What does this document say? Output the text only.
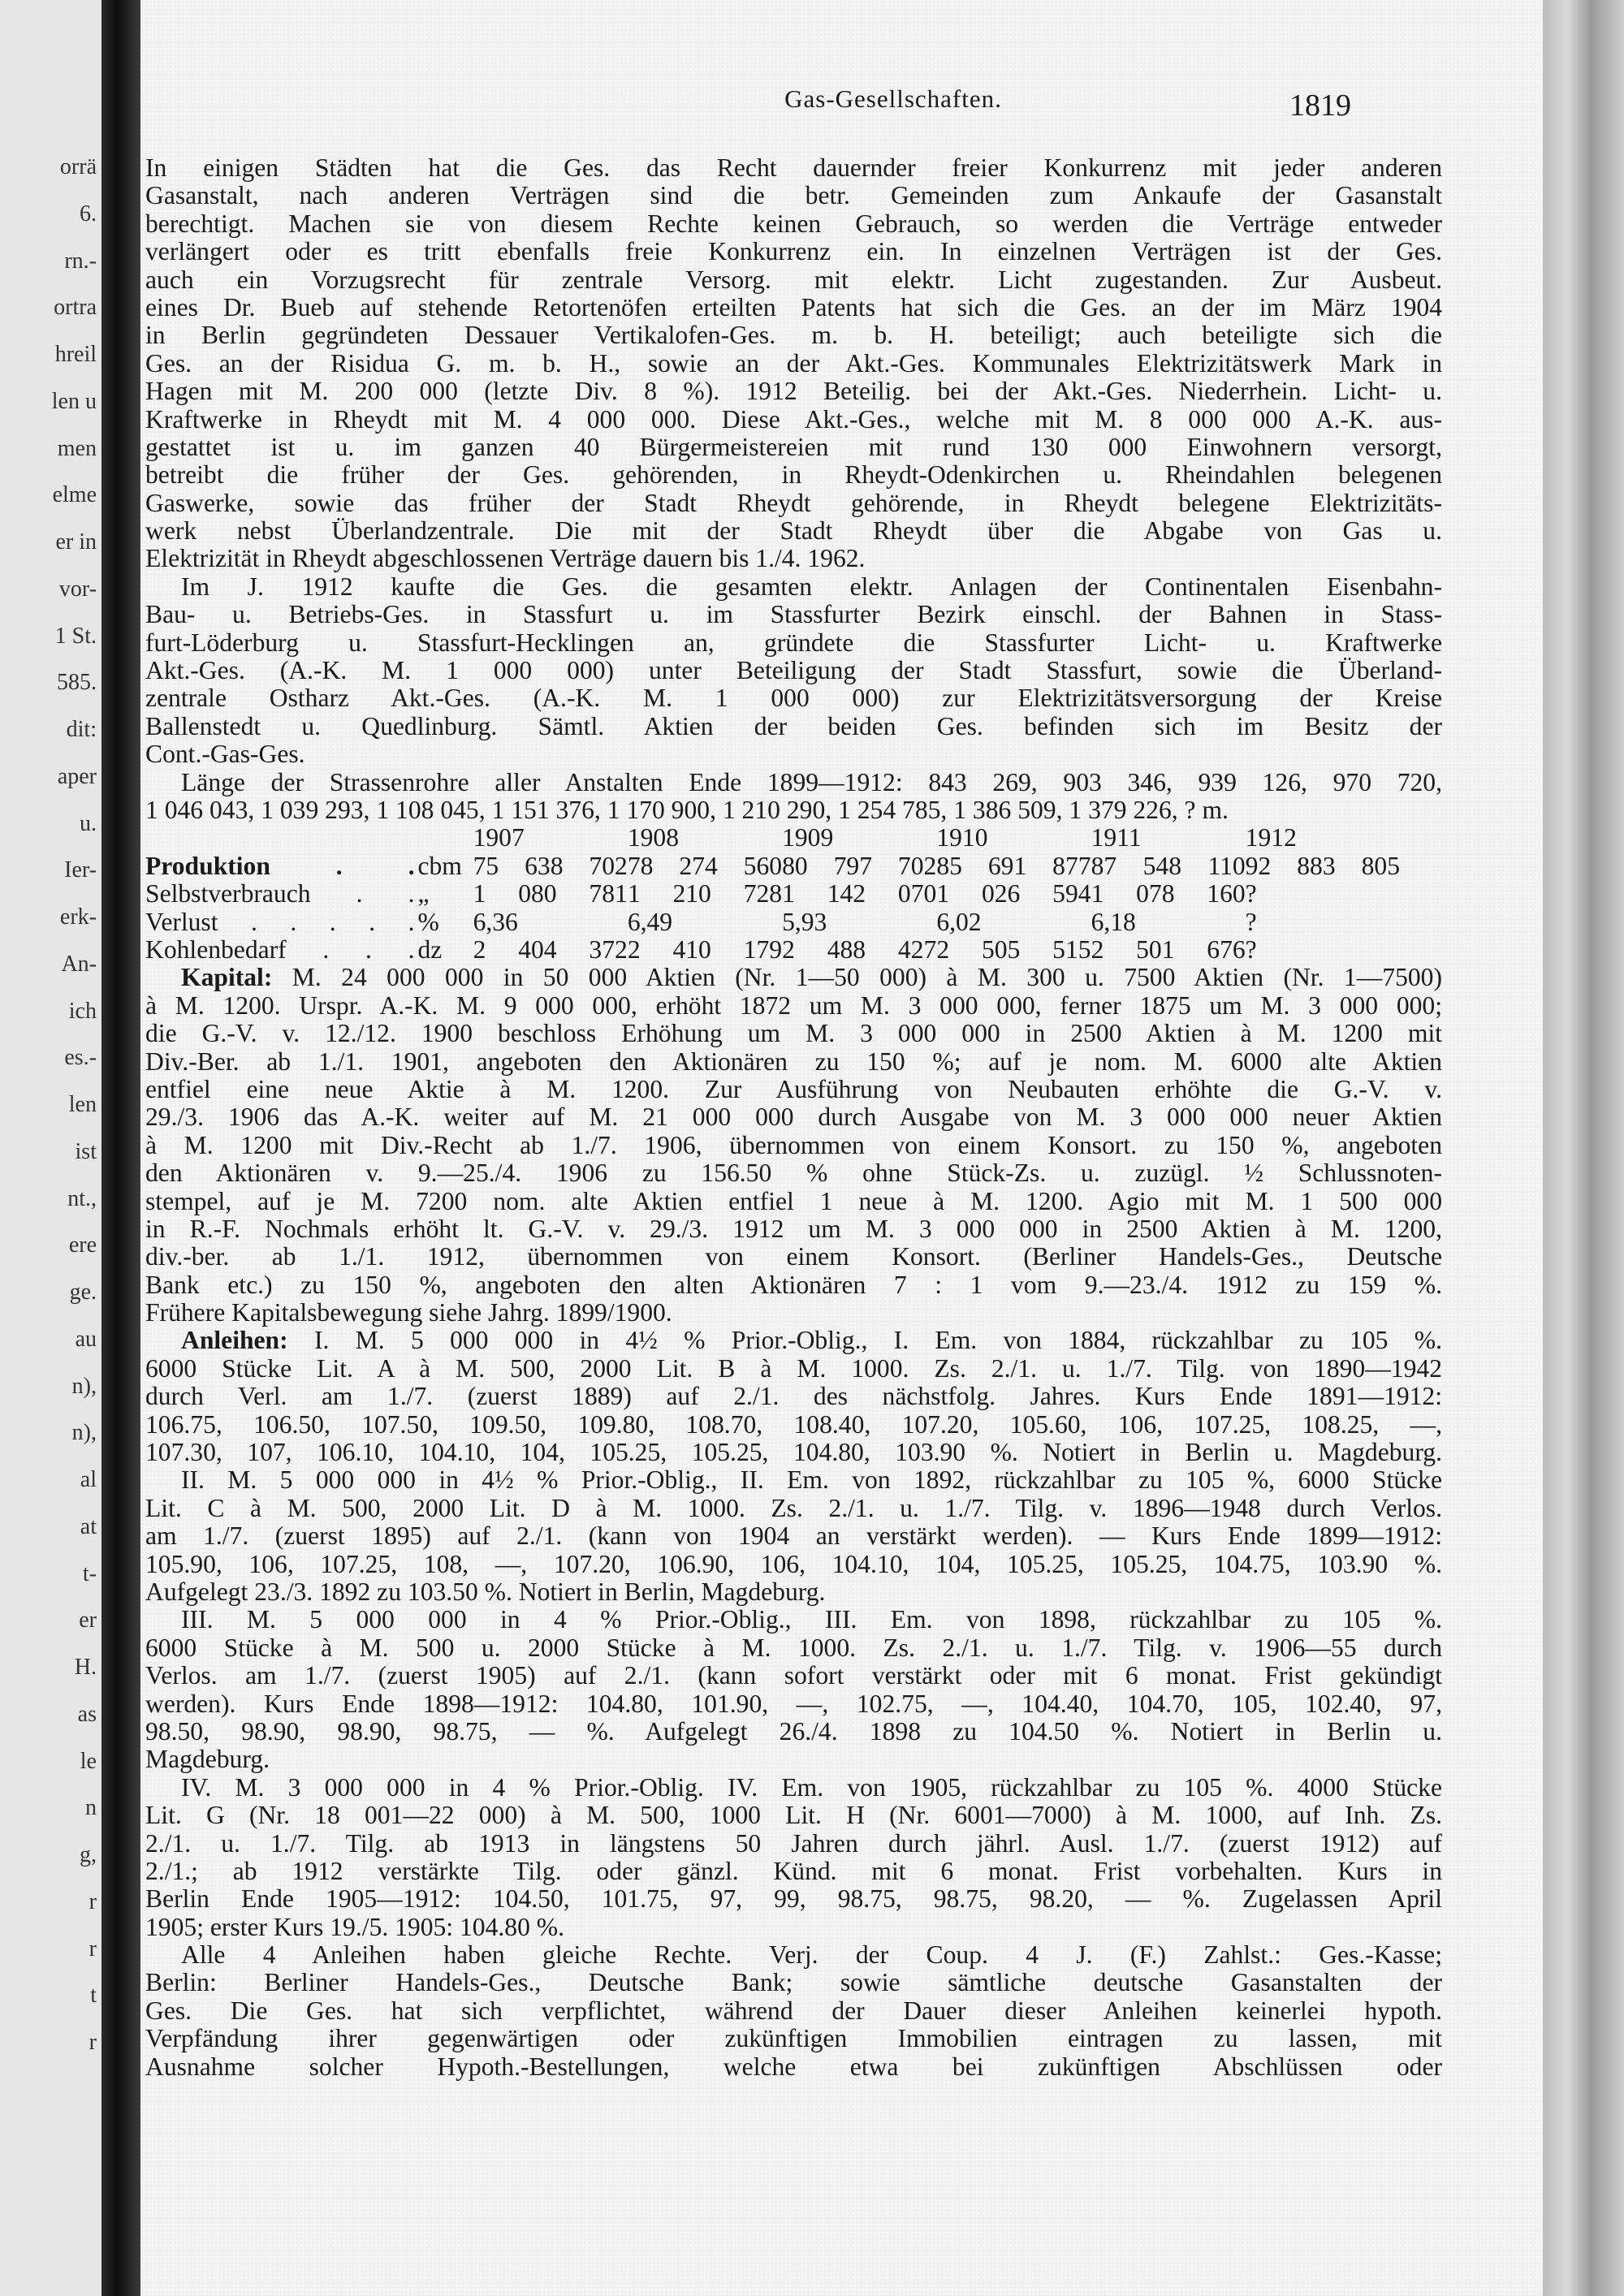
orrä
6.
rn.-
ortra
hreil
len u
men
elme
er in
vor-
1 St.
585.
dit:
aper
u.
Ier-
erk-
An-
ich
es.-
len
ist
nt.,
ere
ge.
au
n),
n),
al
at
t-
er
H.
as
le
n
g,
r
r
t
r
Gas-Gesellschaften.	1819
In einigen Städten hat die Ges. das Recht dauernder freier Konkurrenz mit jeder anderen
Gasanstalt, nach anderen Verträgen sind die betr. Gemeinden zum Ankaufe der Gasanstalt
berechtigt. Machen sie von diesem Rechte keinen Gebrauch, so werden die Verträge entweder
verlängert oder es tritt ebenfalls freie Konkurrenz ein. In einzelnen Verträgen ist der Ges.
auch ein Vorzugsrecht für zentrale Versorg. mit elektr. Licht zugestanden. Zur Ausbeut.
eines Dr. Bueb auf stehende Retortenöfen erteilten Patents hat sich die Ges. an der im März 1904
in Berlin gegründeten Dessauer Vertikalofen-Ges. m. b. H. beteiligt; auch beteiligte sich die
Ges. an der Risidua G. m. b. H., sowie an der Akt.-Ges. Kommunales Elektrizitätswerk Mark in
Hagen mit M. 200 000 (letzte Div. 8 %). 1912 Beteilig. bei der Akt.-Ges. Niederrhein. Licht- u.
Kraftwerke in Rheydt mit M. 4 000 000. Diese Akt.-Ges., welche mit M. 8 000 000 A.-K. aus-
gestattet ist u. im ganzen 40 Bürgermeistereien mit rund 130 000 Einwohnern versorgt,
betreibt die früher der Ges. gehörenden, in Rheydt-Odenkirchen u. Rheindahlen belegenen
Gaswerke, sowie das früher der Stadt Rheydt gehörende, in Rheydt belegene Elektrizitäts-
werk nebst Überlandzentrale. Die mit der Stadt Rheydt über die Abgabe von Gas u.
Elektrizität in Rheydt abgeschlossenen Verträge dauern bis 1./4. 1962.
Im J. 1912 kaufte die Ges. die gesamten elektr. Anlagen der Continentalen Eisenbahn-
Bau- u. Betriebs-Ges. in Stassfurt u. im Stassfurter Bezirk einschl. der Bahnen in Stass-
furt-Löderburg u. Stassfurt-Hecklingen an, gründete die Stassfurter Licht- u. Kraftwerke
Akt.-Ges. (A.-K. M. 1 000 000) unter Beteiligung der Stadt Stassfurt, sowie die Überland-
zentrale Ostharz Akt.-Ges. (A.-K. M. 1 000 000) zur Elektrizitätsversorgung der Kreise
Ballenstedt u. Quedlinburg. Sämtl. Aktien der beiden Ges. befinden sich im Besitz der
Cont.-Gas-Ges.
Länge der Strassenrohre aller Anstalten Ende 1899—1912: 843 269, 903 346, 939 126, 970 720,
1 046 043, 1 039 293, 1 108 045, 1 151 376, 1 170 900, 1 210 290, 1 254 785, 1 386 509, 1 379 226, ? m.
		1907	1908	1909	1910	1911	1912
Produktion . .	cbm	75 638 702	78 274 560	80 797 702	85 691 877	87 548 110	92 883 805
Selbstverbrauch . .	„	1 080 781	1 210 728	1 142 070	1 026 594	1 078 160	?
Verlust . . . . .	%	6,36	6,49	5,93	6,02	6,18	?
Kohlenbedarf . . .	dz	2 404 372	2 410 179	2 488 427	2 505 515	2 501 676	?
Kapital: M. 24 000 000 in 50 000 Aktien (Nr. 1—50 000) à M. 300 u. 7500 Aktien (Nr. 1—7500)
à M. 1200. Urspr. A.-K. M. 9 000 000, erhöht 1872 um M. 3 000 000, ferner 1875 um M. 3 000 000;
die G.-V. v. 12./12. 1900 beschloss Erhöhung um M. 3 000 000 in 2500 Aktien à M. 1200 mit
Div.-Ber. ab 1./1. 1901, angeboten den Aktionären zu 150 %; auf je nom. M. 6000 alte Aktien
entfiel eine neue Aktie à M. 1200. Zur Ausführung von Neubauten erhöhte die G.-V. v.
29./3. 1906 das A.-K. weiter auf M. 21 000 000 durch Ausgabe von M. 3 000 000 neuer Aktien
à M. 1200 mit Div.-Recht ab 1./7. 1906, übernommen von einem Konsort. zu 150 %, angeboten
den Aktionären v. 9.—25./4. 1906 zu 156.50 % ohne Stück-Zs. u. zuzügl. ½ Schlussnoten-
stempel, auf je M. 7200 nom. alte Aktien entfiel 1 neue à M. 1200. Agio mit M. 1 500 000
in R.-F. Nochmals erhöht lt. G.-V. v. 29./3. 1912 um M. 3 000 000 in 2500 Aktien à M. 1200,
div.-ber. ab 1./1. 1912, übernommen von einem Konsort. (Berliner Handels-Ges., Deutsche
Bank etc.) zu 150 %, angeboten den alten Aktionären 7 : 1 vom 9.—23./4. 1912 zu 159 %.
Frühere Kapitalsbewegung siehe Jahrg. 1899/1900.
Anleihen: I. M. 5 000 000 in 4½ % Prior.-Oblig., I. Em. von 1884, rückzahlbar zu 105 %.
6000 Stücke Lit. A à M. 500, 2000 Lit. B à M. 1000. Zs. 2./1. u. 1./7. Tilg. von 1890—1942
durch Verl. am 1./7. (zuerst 1889) auf 2./1. des nächstfolg. Jahres. Kurs Ende 1891—1912:
106.75, 106.50, 107.50, 109.50, 109.80, 108.70, 108.40, 107.20, 105.60, 106, 107.25, 108.25, —,
107.30, 107, 106.10, 104.10, 104, 105.25, 105.25, 104.80, 103.90 %. Notiert in Berlin u. Magdeburg.
II. M. 5 000 000 in 4½ % Prior.-Oblig., II. Em. von 1892, rückzahlbar zu 105 %, 6000 Stücke
Lit. C à M. 500, 2000 Lit. D à M. 1000. Zs. 2./1. u. 1./7. Tilg. v. 1896—1948 durch Verlos.
am 1./7. (zuerst 1895) auf 2./1. (kann von 1904 an verstärkt werden). — Kurs Ende 1899—1912:
105.90, 106, 107.25, 108, —, 107.20, 106.90, 106, 104.10, 104, 105.25, 105.25, 104.75, 103.90 %.
Aufgelegt 23./3. 1892 zu 103.50 %. Notiert in Berlin, Magdeburg.
III. M. 5 000 000 in 4 % Prior.-Oblig., III. Em. von 1898, rückzahlbar zu 105 %.
6000 Stücke à M. 500 u. 2000 Stücke à M. 1000. Zs. 2./1. u. 1./7. Tilg. v. 1906—55 durch
Verlos. am 1./7. (zuerst 1905) auf 2./1. (kann sofort verstärkt oder mit 6 monat. Frist gekündigt
werden). Kurs Ende 1898—1912: 104.80, 101.90, —, 102.75, —, 104.40, 104.70, 105, 102.40, 97,
98.50, 98.90, 98.90, 98.75, — %. Aufgelegt 26./4. 1898 zu 104.50 %. Notiert in Berlin u.
Magdeburg.
IV. M. 3 000 000 in 4 % Prior.-Oblig. IV. Em. von 1905, rückzahlbar zu 105 %. 4000 Stücke
Lit. G (Nr. 18 001—22 000) à M. 500, 1000 Lit. H (Nr. 6001—7000) à M. 1000, auf Inh. Zs.
2./1. u. 1./7. Tilg. ab 1913 in längstens 50 Jahren durch jährl. Ausl. 1./7. (zuerst 1912) auf
2./1.; ab 1912 verstärkte Tilg. oder gänzl. Künd. mit 6 monat. Frist vorbehalten. Kurs in
Berlin Ende 1905—1912: 104.50, 101.75, 97, 99, 98.75, 98.75, 98.20, — %. Zugelassen April
1905; erster Kurs 19./5. 1905: 104.80 %.
Alle 4 Anleihen haben gleiche Rechte. Verj. der Coup. 4 J. (F.) Zahlst.: Ges.-Kasse;
Berlin: Berliner Handels-Ges., Deutsche Bank; sowie sämtliche deutsche Gasanstalten der
Ges. Die Ges. hat sich verpflichtet, während der Dauer dieser Anleihen keinerlei hypoth.
Verpfändung ihrer gegenwärtigen oder zukünftigen Immobilien eintragen zu lassen, mit
Ausnahme solcher Hypoth.-Bestellungen, welche etwa bei zukünftigen Abschlüssen oder
